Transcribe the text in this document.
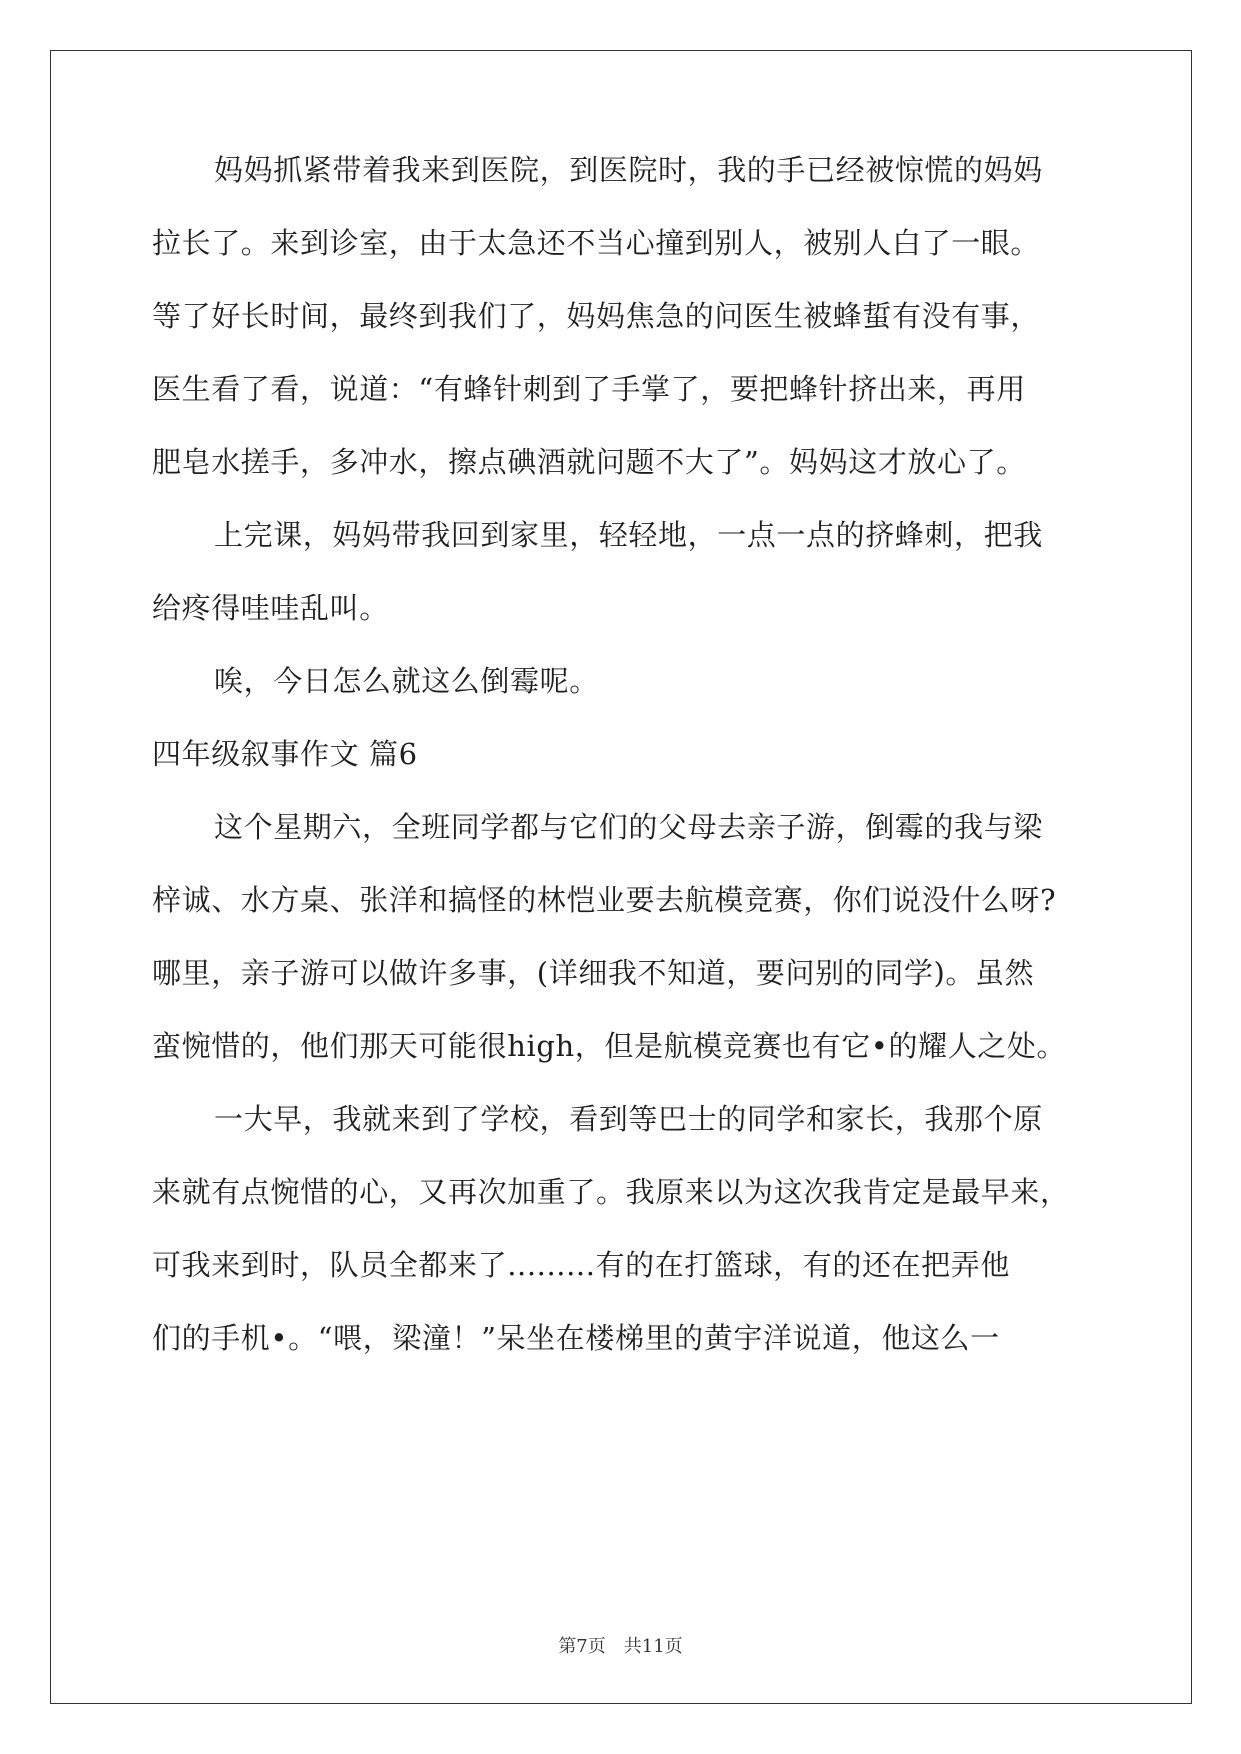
妈妈抓紧带着我来到医院，到医院时，我的手已经被惊慌的妈妈
拉长了。来到诊室，由于太急还不当心撞到别人，被别人白了一眼。
等了好长时间，最终到我们了，妈妈焦急的问医生被蜂蜇有没有事，
医生看了看，说道：“有蜂针刺到了手掌了，要把蜂针挤出来，再用
肥皂水搓手，多冲水，擦点碘酒就问题不大了”。妈妈这才放心了。
上完课，妈妈带我回到家里，轻轻地，一点一点的挤蜂刺，把我
给疼得哇哇乱叫。
唉，今日怎么就这么倒霉呢。
四年级叙事作文 篇6
这个星期六，全班同学都与它们的父母去亲子游，倒霉的我与梁
梓诚、水方桌、张洋和搞怪的林恺业要去航模竞赛，你们说没什么呀?
哪里，亲子游可以做许多事，(详细我不知道，要问别的同学)。虽然
蛮惋惜的，他们那天可能很high，但是航模竞赛也有它•的耀人之处。
一大早，我就来到了学校，看到等巴士的同学和家长，我那个原
来就有点惋惜的心，又再次加重了。我原来以为这次我肯定是最早来，
可我来到时，队员全都来了.........有的在打篮球，有的还在把弄他
们的手机•。“喂，梁潼！”呆坐在楼梯里的黄宇洋说道，他这么一
第7页　共11页
